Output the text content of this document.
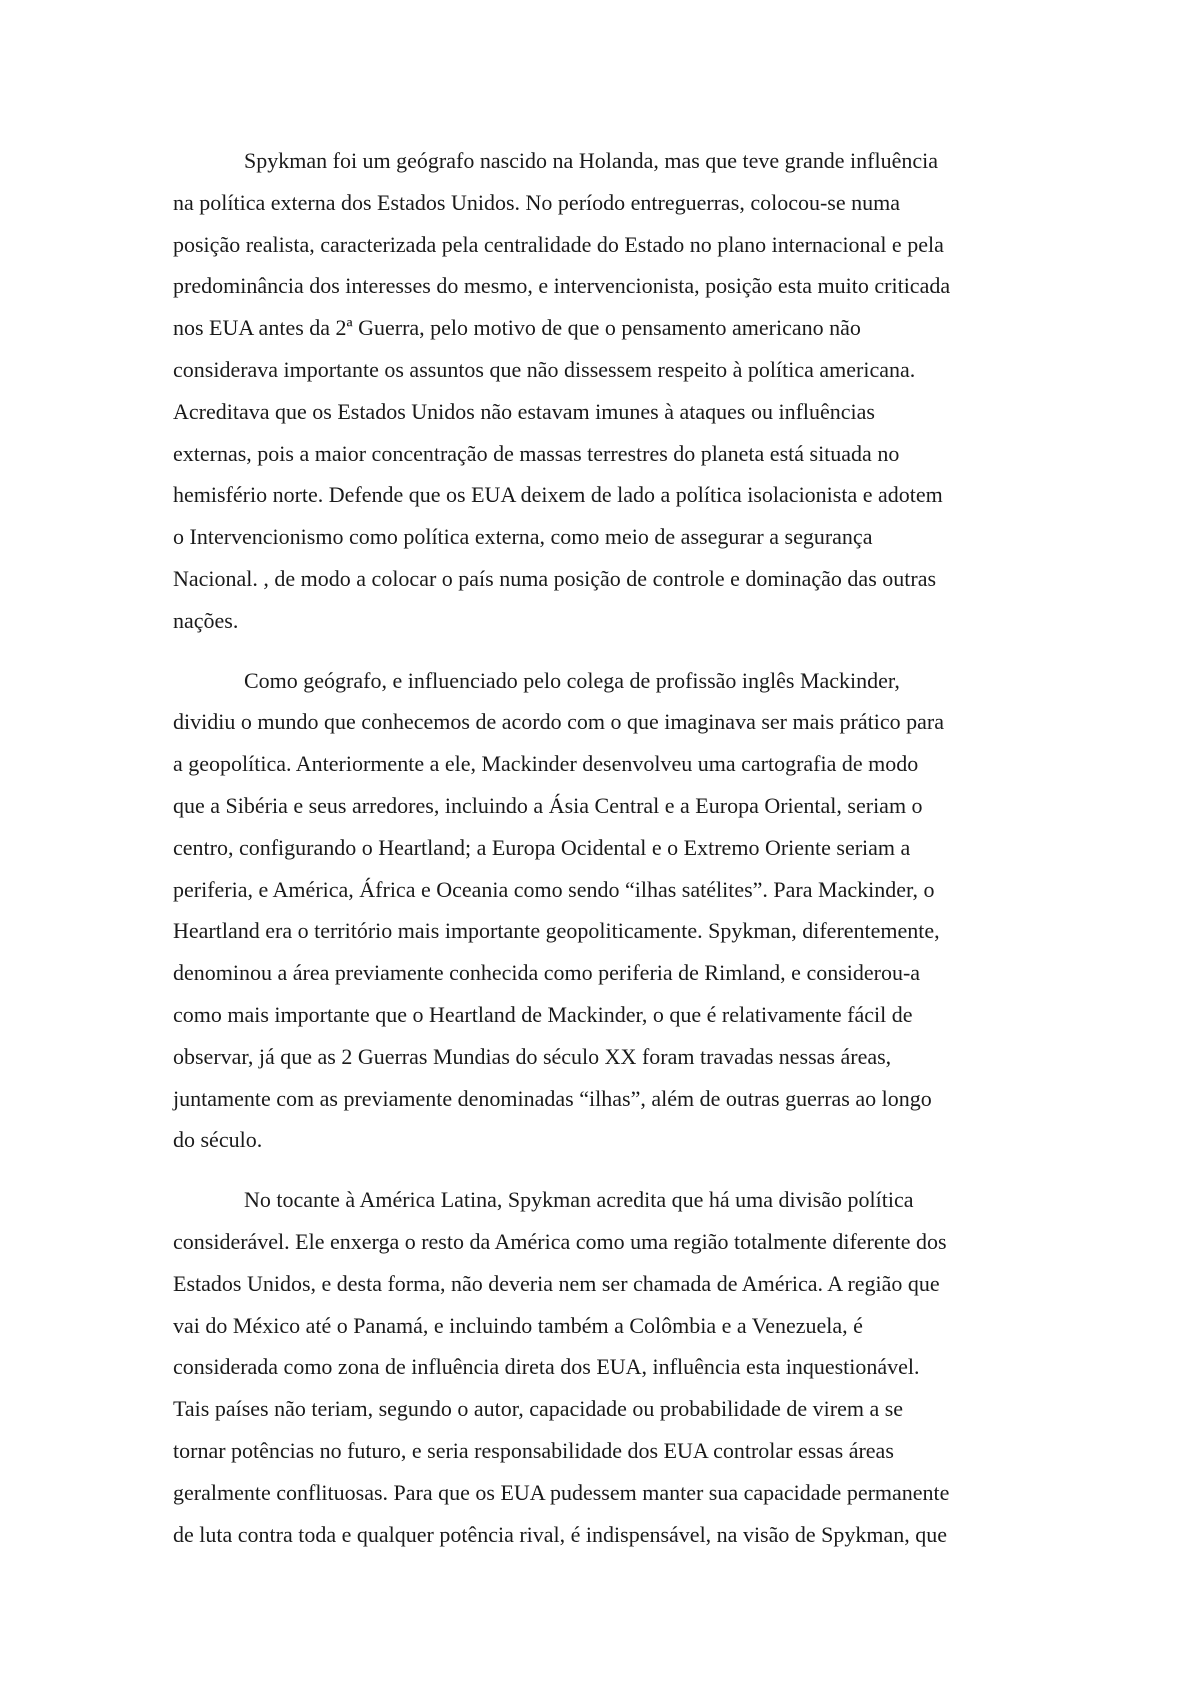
Spykman foi um geógrafo nascido na Holanda, mas que teve grande influência
na política externa dos Estados Unidos. No período entreguerras, colocou-se numa
posição realista, caracterizada pela centralidade do Estado no plano internacional e pela
predominância dos interesses do mesmo, e intervencionista, posição esta muito criticada
nos EUA antes da 2ª Guerra, pelo motivo de que o pensamento americano não
considerava importante os assuntos que não dissessem respeito à política americana.
Acreditava que os Estados Unidos não estavam imunes à ataques ou influências
externas, pois a maior concentração de massas terrestres do planeta está situada no
hemisfério norte. Defende que os EUA deixem de lado a política isolacionista e adotem
o Intervencionismo como política externa, como meio de assegurar a segurança
Nacional. , de modo a colocar o país numa posição de controle e dominação das outras
nações.

Como geógrafo, e influenciado pelo colega de profissão inglês Mackinder,
dividiu o mundo que conhecemos de acordo com o que imaginava ser mais prático para
a geopolítica. Anteriormente a ele, Mackinder desenvolveu uma cartografia de modo
que a Sibéria e seus arredores, incluindo a Ásia Central e a Europa Oriental, seriam o
centro, configurando o Heartland; a Europa Ocidental e o Extremo Oriente seriam a
periferia, e América, África e Oceania como sendo “ilhas satélites”. Para Mackinder, o
Heartland era o território mais importante geopoliticamente. Spykman, diferentemente,
denominou a área previamente conhecida como periferia de Rimland, e considerou-a
como mais importante que o Heartland de Mackinder, o que é relativamente fácil de
observar, já que as 2 Guerras Mundias do século XX foram travadas nessas áreas,
juntamente com as previamente denominadas “ilhas”, além de outras guerras ao longo
do século.

No tocante à América Latina, Spykman acredita que há uma divisão política
considerável. Ele enxerga o resto da América como uma região totalmente diferente dos
Estados Unidos, e desta forma, não deveria nem ser chamada de América. A região que
vai do México até o Panamá, e incluindo também a Colômbia e a Venezuela, é
considerada como zona de influência direta dos EUA, influência esta inquestionável.
Tais países não teriam, segundo o autor, capacidade ou probabilidade de virem a se
tornar potências no futuro, e seria responsabilidade dos EUA controlar essas áreas
geralmente conflituosas. Para que os EUA pudessem manter sua capacidade permanente
de luta contra toda e qualquer potência rival, é indispensável, na visão de Spykman, que
